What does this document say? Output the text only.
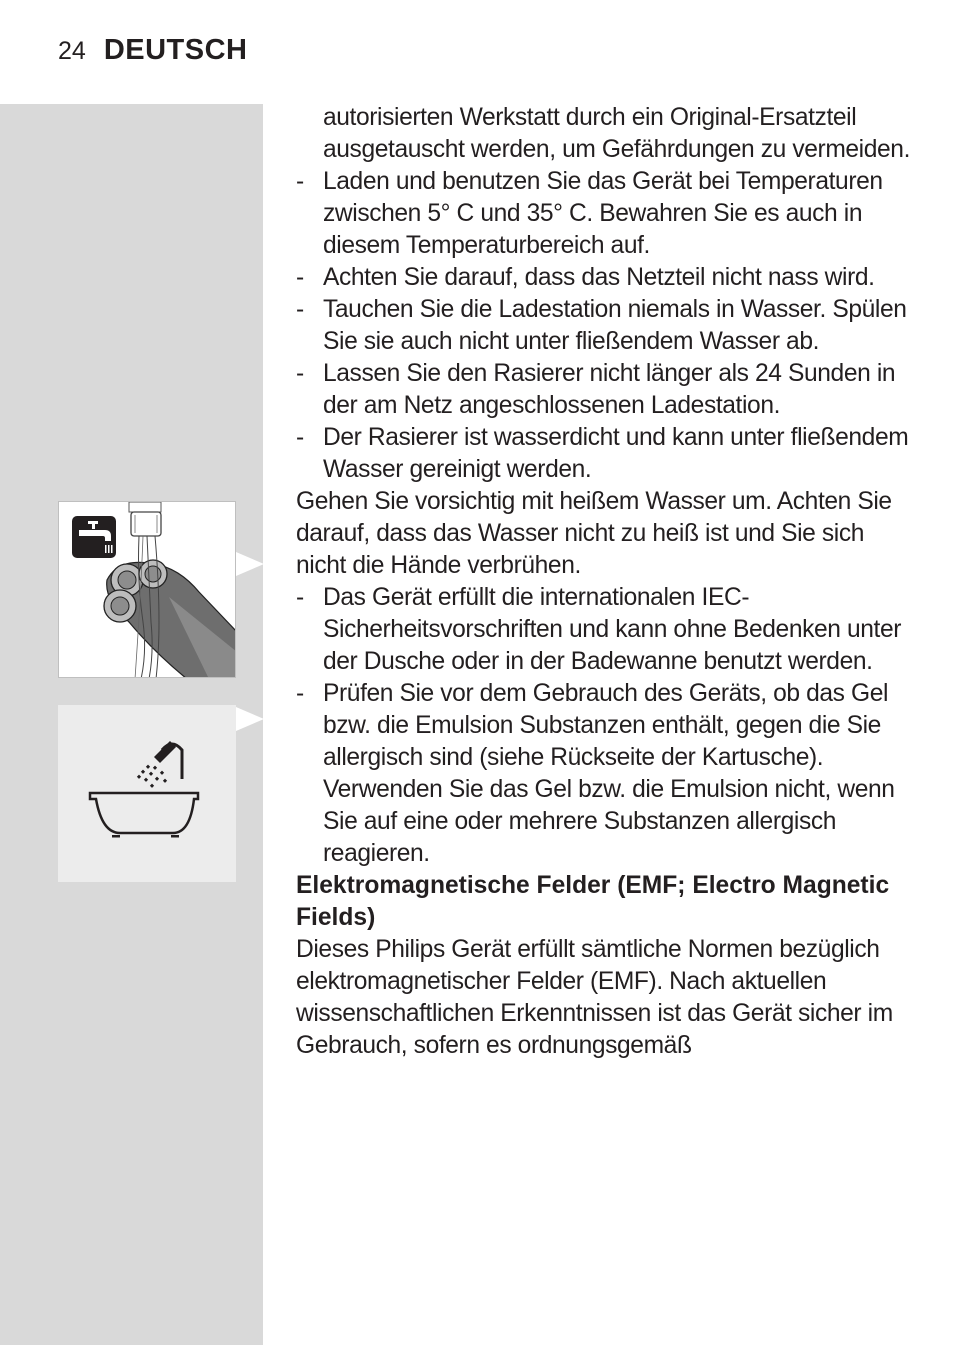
24 DEUTSCH

autorisierten Werkstatt durch ein Original-Ersatzteil ausgetauscht werden, um Gefährdungen zu vermeiden.

- Laden und benutzen Sie das Gerät bei Temperaturen zwischen 5° C und 35° C. Bewahren Sie es auch in diesem Temperaturbereich auf.
- Achten Sie darauf, dass das Netzteil nicht nass wird.
- Tauchen Sie die Ladestation niemals in Wasser. Spülen Sie sie auch nicht unter fließendem Wasser ab.
- Lassen Sie den Rasierer nicht länger als 24 Sunden in der am Netz angeschlossenen Ladestation.
- Der Rasierer ist wasserdicht und kann unter fließendem Wasser gereinigt werden.

Gehen Sie vorsichtig mit heißem Wasser um. Achten Sie darauf, dass das Wasser nicht zu heiß ist und Sie sich nicht die Hände verbrühen.

- Das Gerät erfüllt die internationalen IEC-Sicherheitsvorschriften und kann ohne Bedenken unter der Dusche oder in der Badewanne benutzt werden.
- Prüfen Sie vor dem Gebrauch des Geräts, ob das Gel bzw. die Emulsion Substanzen enthält, gegen die Sie allergisch sind (siehe Rückseite der Kartusche). Verwenden Sie das Gel bzw. die Emulsion nicht, wenn Sie auf eine oder mehrere Substanzen allergisch reagieren.

Elektromagnetische Felder (EMF; Electro Magnetic Fields)

Dieses Philips Gerät erfüllt sämtliche Normen bezüglich elektromagnetischer Felder (EMF). Nach aktuellen wissenschaftlichen Erkenntnissen ist das Gerät sicher im Gebrauch, sofern es ordnungsgemäß
